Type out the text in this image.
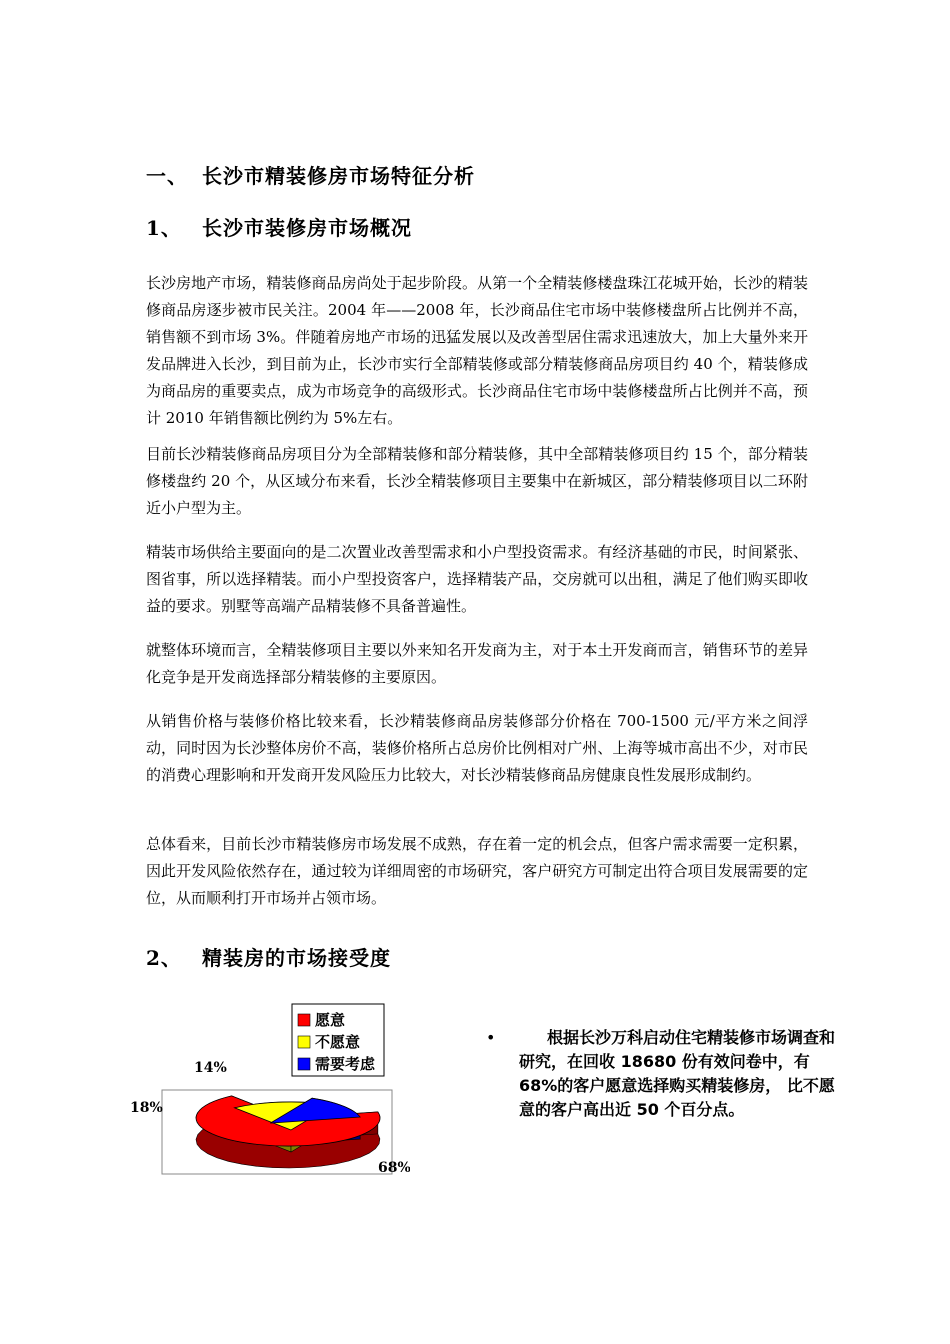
一、 长沙市精装修房市场特征分析
1、 长沙市装修房市场概况

长沙房地产市场，精装修商品房尚处于起步阶段。从第一个全精装修楼盘珠江花城开始，长沙的精装修商品房逐步被市民关注。2004 年——2008 年，长沙商品住宅市场中装修楼盘所占比例并不高，销售额不到市场 3%。伴随着房地产市场的迅猛发展以及改善型居住需求迅速放大，加上大量外来开发品牌进入长沙，到目前为止，长沙市实行全部精装修或部分精装修商品房项目约 40 个，精装修成为商品房的重要卖点，成为市场竞争的高级形式。长沙商品住宅市场中装修楼盘所占比例并不高，预计 2010 年销售额比例约为 5%左右。

目前长沙精装修商品房项目分为全部精装修和部分精装修，其中全部精装修项目约 15 个，部分精装修楼盘约 20 个，从区域分布来看，长沙全精装修项目主要集中在新城区，部分精装修项目以二环附近小户型为主。

精装市场供给主要面向的是二次置业改善型需求和小户型投资需求。有经济基础的市民，时间紧张、图省事，所以选择精装。而小户型投资客户，选择精装产品，交房就可以出租，满足了他们购买即收益的要求。别墅等高端产品精装修不具备普遍性。

就整体环境而言，全精装修项目主要以外来知名开发商为主，对于本土开发商而言，销售环节的差异化竞争是开发商选择部分精装修的主要原因。

从销售价格与装修价格比较来看，长沙精装修商品房装修部分价格在 700-1500 元/平方米之间浮动，同时因为长沙整体房价不高，装修价格所占总房价比例相对广州、上海等城市高出不少，对市民的消费心理影响和开发商开发风险压力比较大，对长沙精装修商品房健康良性发展形成制约。

总体看来，目前长沙市精装修房市场发展不成熟，存在着一定的机会点，但客户需求需要一定积累，因此开发风险依然存在，通过较为详细周密的市场研究，客户研究方可制定出符合项目发展需要的定位，从而顺利打开市场并占领市场。

2、 精装房的市场接受度
68%
18%
14%
愿意
不愿意
需要考虑
•	根据长沙万科启动住宅精装修市场调查和研究，在回收 18680 份有效问卷中，有 68%的客户愿意选择购买精装修房， 比不愿意的客户高出近 50 个百分点。
